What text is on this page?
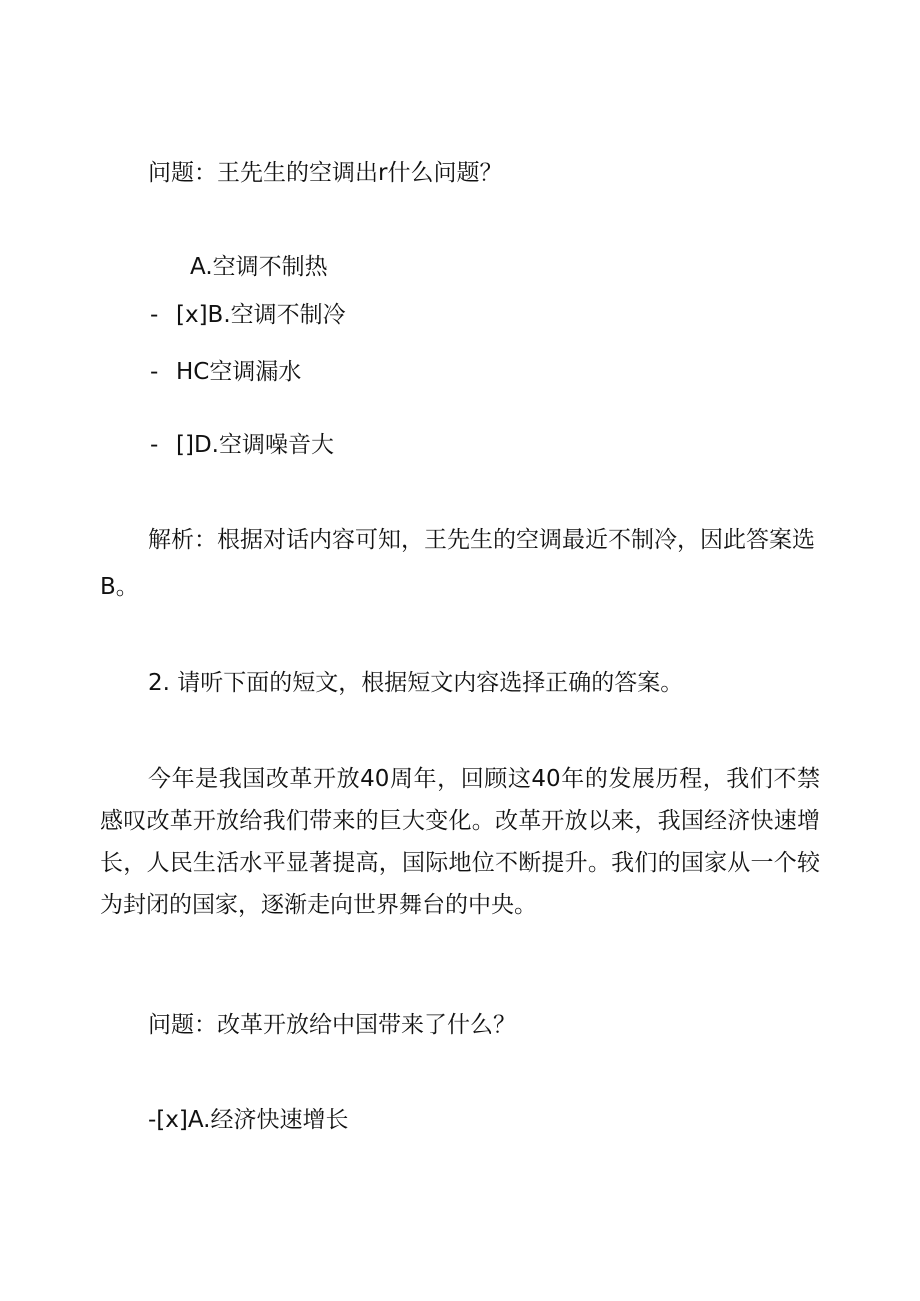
问题：王先生的空调出r什么问题？
A.空调不制热
- [x]B.空调不制冷
- HC空调漏水
- []D.空调噪音大
解析：根据对话内容可知，王先生的空调最近不制冷，因此答案选
B。
2. 请听下面的短文，根据短文内容选择正确的答案。
今年是我国改革开放40周年，回顾这40年的发展历程，我们不禁感叹改革开放给我们带来的巨大变化。改革开放以来，我国经济快速增长，人民生活水平显著提高，国际地位不断提升。我们的国家从一个较为封闭的国家，逐渐走向世界舞台的中央。
问题：改革开放给中国带来了什么？
-[x]A.经济快速增长
